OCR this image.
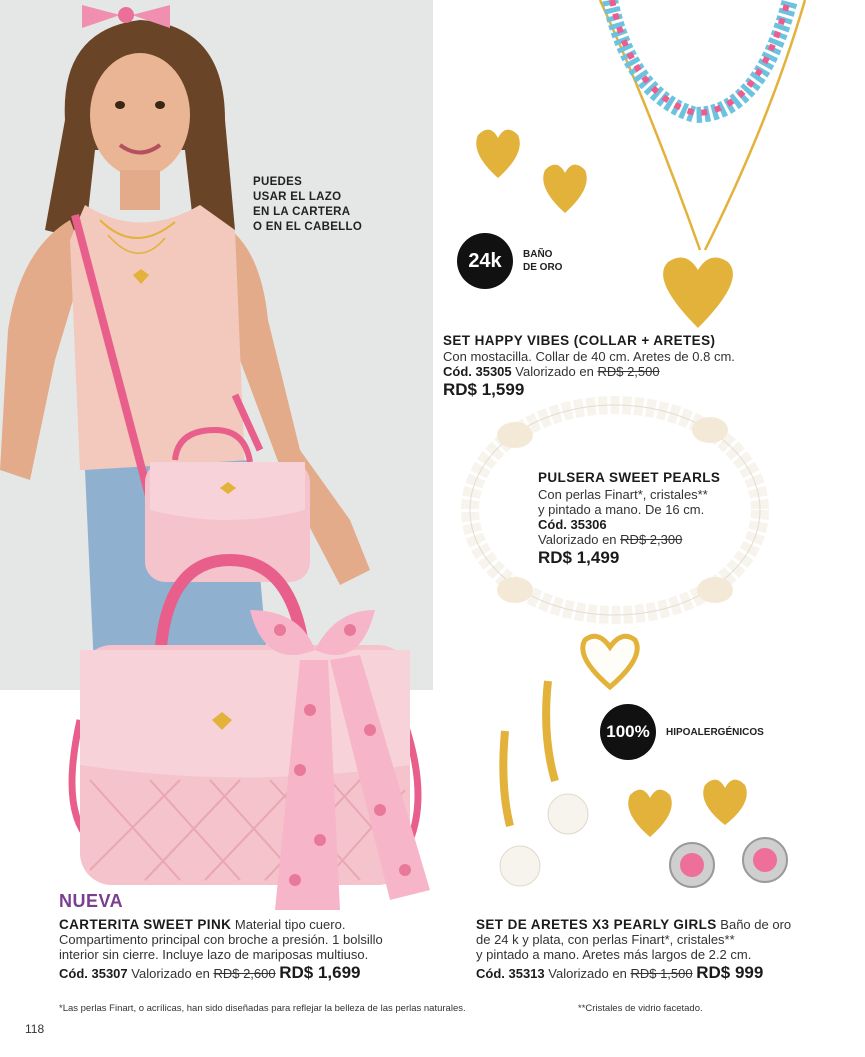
PUEDES
USAR EL LAZO
EN LA CARTERA
O EN EL CABELLO
24k	BAÑO
DE ORO
100%	HIPOALERGÉNICOS
SET HAPPY VIBES (COLLAR + ARETES)
Con mostacilla. Collar de 40 cm. Aretes de 0.8 cm.
Cód. 35305 Valorizado en RD$ 2,500
RD$ 1,599
PULSERA SWEET PEARLS
Con perlas Finart*, cristales**
y pintado a mano. De 16 cm.
Cód. 35306
Valorizado en RD$ 2,300
RD$ 1,499
NUEVA
CARTERITA SWEET PINK Material tipo cuero.
Compartimento principal con broche a presión. 1 bolsillo
interior sin cierre. Incluye lazo de mariposas multiuso.
Cód. 35307 Valorizado en RD$ 2,600 RD$ 1,699
SET DE ARETES X3 PEARLY GIRLS Baño de oro
de 24 k y plata, con perlas Finart*, cristales**
y pintado a mano. Aretes más largos de 2.2 cm.
Cód. 35313 Valorizado en RD$ 1,500 RD$ 999
*Las perlas Finart, o acrílicas, han sido diseñadas para reflejar la belleza de las perlas naturales.	**Cristales de vidrio facetado.
118
